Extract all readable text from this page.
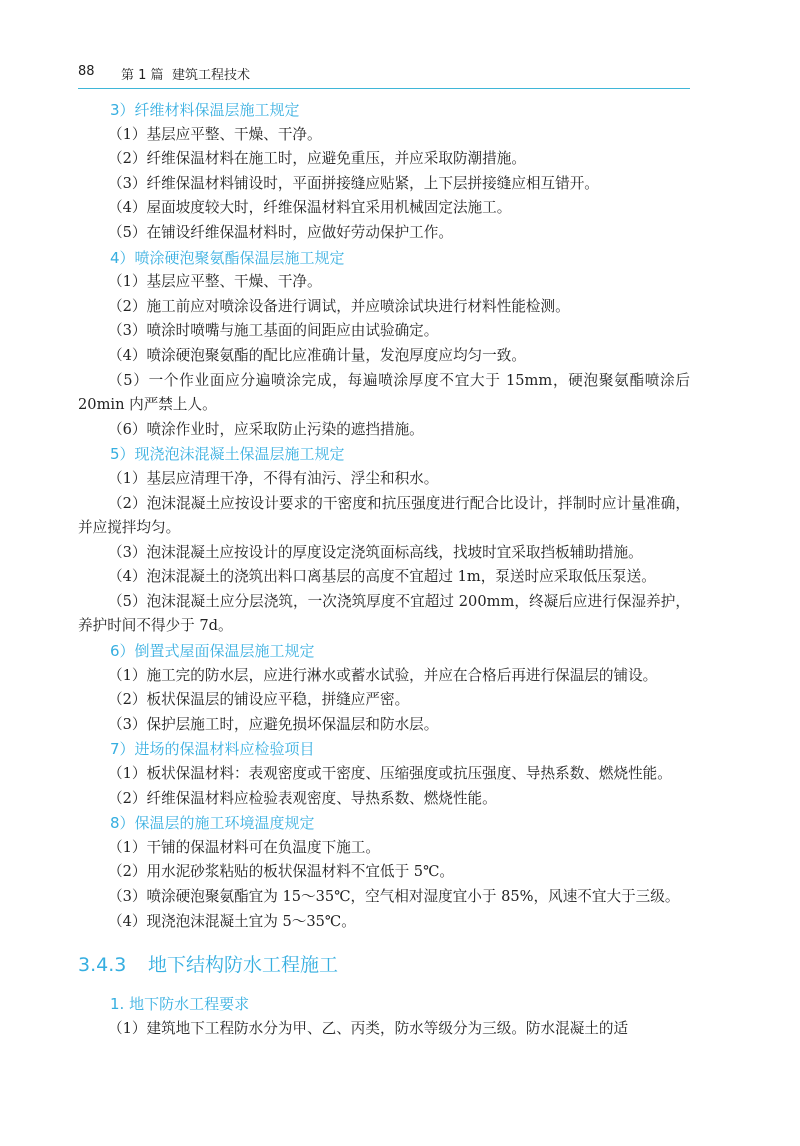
88 第 1 篇 建筑工程技术
3）纤维材料保温层施工规定
（1）基层应平整、干燥、干净。
（2）纤维保温材料在施工时，应避免重压，并应采取防潮措施。
（3）纤维保温材料铺设时，平面拼接缝应贴紧，上下层拼接缝应相互错开。
（4）屋面坡度较大时，纤维保温材料宜采用机械固定法施工。
（5）在铺设纤维保温材料时，应做好劳动保护工作。
4）喷涂硬泡聚氨酯保温层施工规定
（1）基层应平整、干燥、干净。
（2）施工前应对喷涂设备进行调试，并应喷涂试块进行材料性能检测。
（3）喷涂时喷嘴与施工基面的间距应由试验确定。
（4）喷涂硬泡聚氨酯的配比应准确计量，发泡厚度应均匀一致。
（5）一个作业面应分遍喷涂完成，每遍喷涂厚度不宜大于 15mm，硬泡聚氨酯喷涂后 20min 内严禁上人。
（6）喷涂作业时，应采取防止污染的遮挡措施。
5）现浇泡沫混凝土保温层施工规定
（1）基层应清理干净，不得有油污、浮尘和积水。
（2）泡沫混凝土应按设计要求的干密度和抗压强度进行配合比设计，拌制时应计量准确，并应搅拌均匀。
（3）泡沫混凝土应按设计的厚度设定浇筑面标高线，找坡时宜采取挡板辅助措施。
（4）泡沫混凝土的浇筑出料口离基层的高度不宜超过 1m，泵送时应采取低压泵送。
（5）泡沫混凝土应分层浇筑，一次浇筑厚度不宜超过 200mm，终凝后应进行保湿养护，养护时间不得少于 7d。
6）倒置式屋面保温层施工规定
（1）施工完的防水层，应进行淋水或蓄水试验，并应在合格后再进行保温层的铺设。
（2）板状保温层的铺设应平稳，拼缝应严密。
（3）保护层施工时，应避免损坏保温层和防水层。
7）进场的保温材料应检验项目
（1）板状保温材料：表观密度或干密度、压缩强度或抗压强度、导热系数、燃烧性能。
（2）纤维保温材料应检验表观密度、导热系数、燃烧性能。
8）保温层的施工环境温度规定
（1）干铺的保温材料可在负温度下施工。
（2）用水泥砂浆粘贴的板状保温材料不宜低于 5℃。
（3）喷涂硬泡聚氨酯宜为 15～35℃，空气相对湿度宜小于 85%，风速不宜大于三级。
（4）现浇泡沫混凝土宜为 5～35℃。
3.4.3 地下结构防水工程施工
1. 地下防水工程要求
（1）建筑地下工程防水分为甲、乙、丙类，防水等级分为三级。防水混凝土的适
